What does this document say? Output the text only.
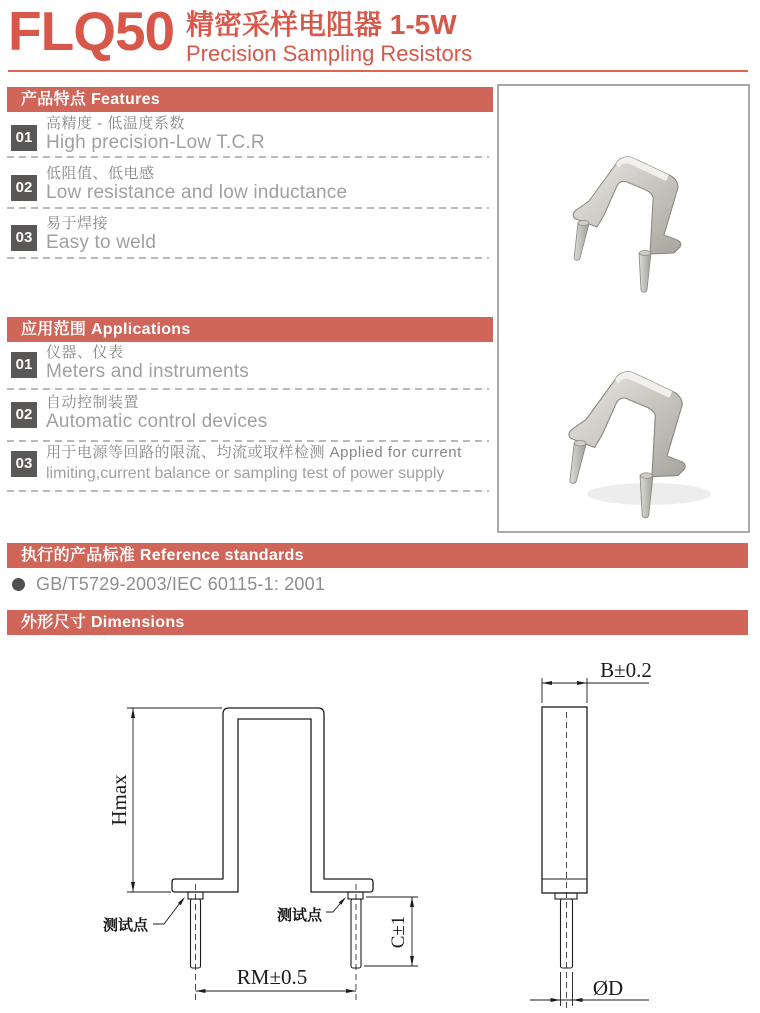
FLQ50 精密采样电阻器 1-5W
Precision Sampling Resistors
产品特点 Features
01
高精度 - 低温度系数
High precision-Low T.C.R
02
低阻值、低电感
Low resistance and low inductance
03
易于焊接
Easy to weld
应用范围 Applications
01
仪器、仪表
Meters and instruments
02
自动控制装置
Automatic control devices
03
用于电源等回路的限流、均流或取样检测 Applied for current
limiting,current balance or sampling test of power supply
执行的产品标准 Reference standards
GB/T5729-2003/IEC 60115-1: 2001
外形尺寸 Dimensions
Hmax
C±1
RM±0.5
测试点
测试点
B±0.2
ØD
